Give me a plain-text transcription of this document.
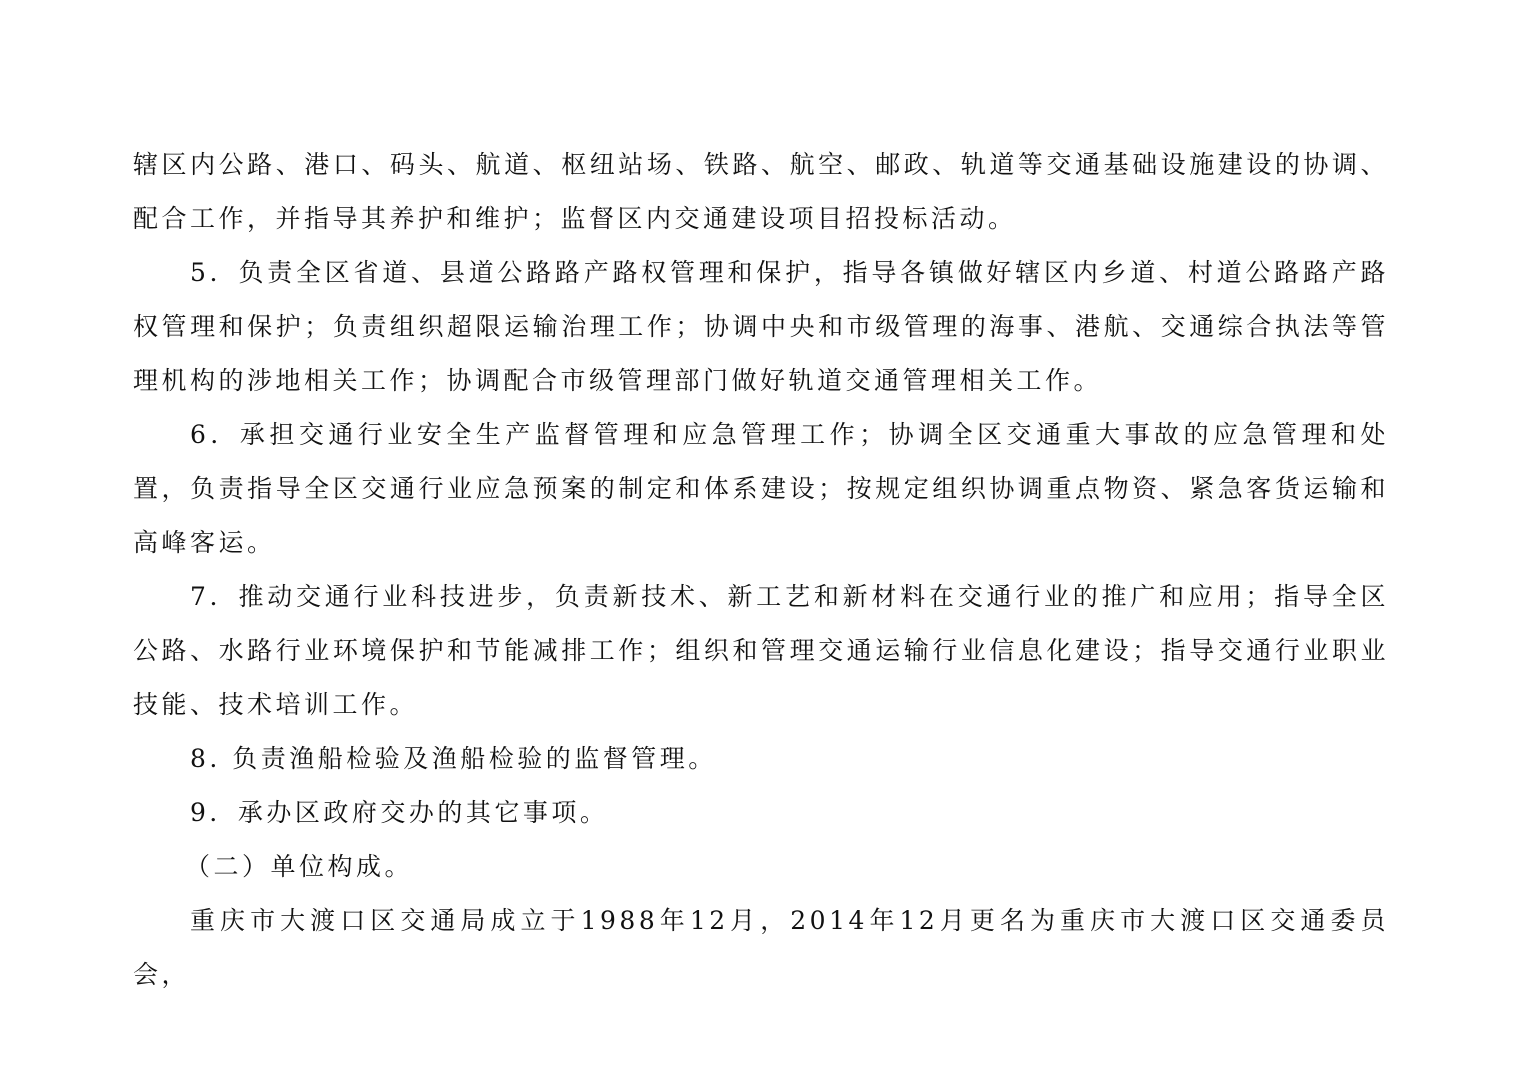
辖区内公路、港口、码头、航道、枢纽站场、铁路、航空、邮政、轨道等交通基础设施建设的协调、配合工作，并指导其养护和维护；监督区内交通建设项目招投标活动。

5．负责全区省道、县道公路路产路权管理和保护，指导各镇做好辖区内乡道、村道公路路产路权管理和保护；负责组织超限运输治理工作；协调中央和市级管理的海事、港航、交通综合执法等管理机构的涉地相关工作；协调配合市级管理部门做好轨道交通管理相关工作。

6．承担交通行业安全生产监督管理和应急管理工作；协调全区交通重大事故的应急管理和处置，负责指导全区交通行业应急预案的制定和体系建设；按规定组织协调重点物资、紧急客货运输和高峰客运。

7．推动交通行业科技进步，负责新技术、新工艺和新材料在交通行业的推广和应用；指导全区公路、水路行业环境保护和节能减排工作；组织和管理交通运输行业信息化建设；指导交通行业职业技能、技术培训工作。

8. 负责渔船检验及渔船检验的监督管理。

9．承办区政府交办的其它事项。

（二）单位构成。

重庆市大渡口区交通局成立于1988年12月，2014年12月更名为重庆市大渡口区交通委员会，
